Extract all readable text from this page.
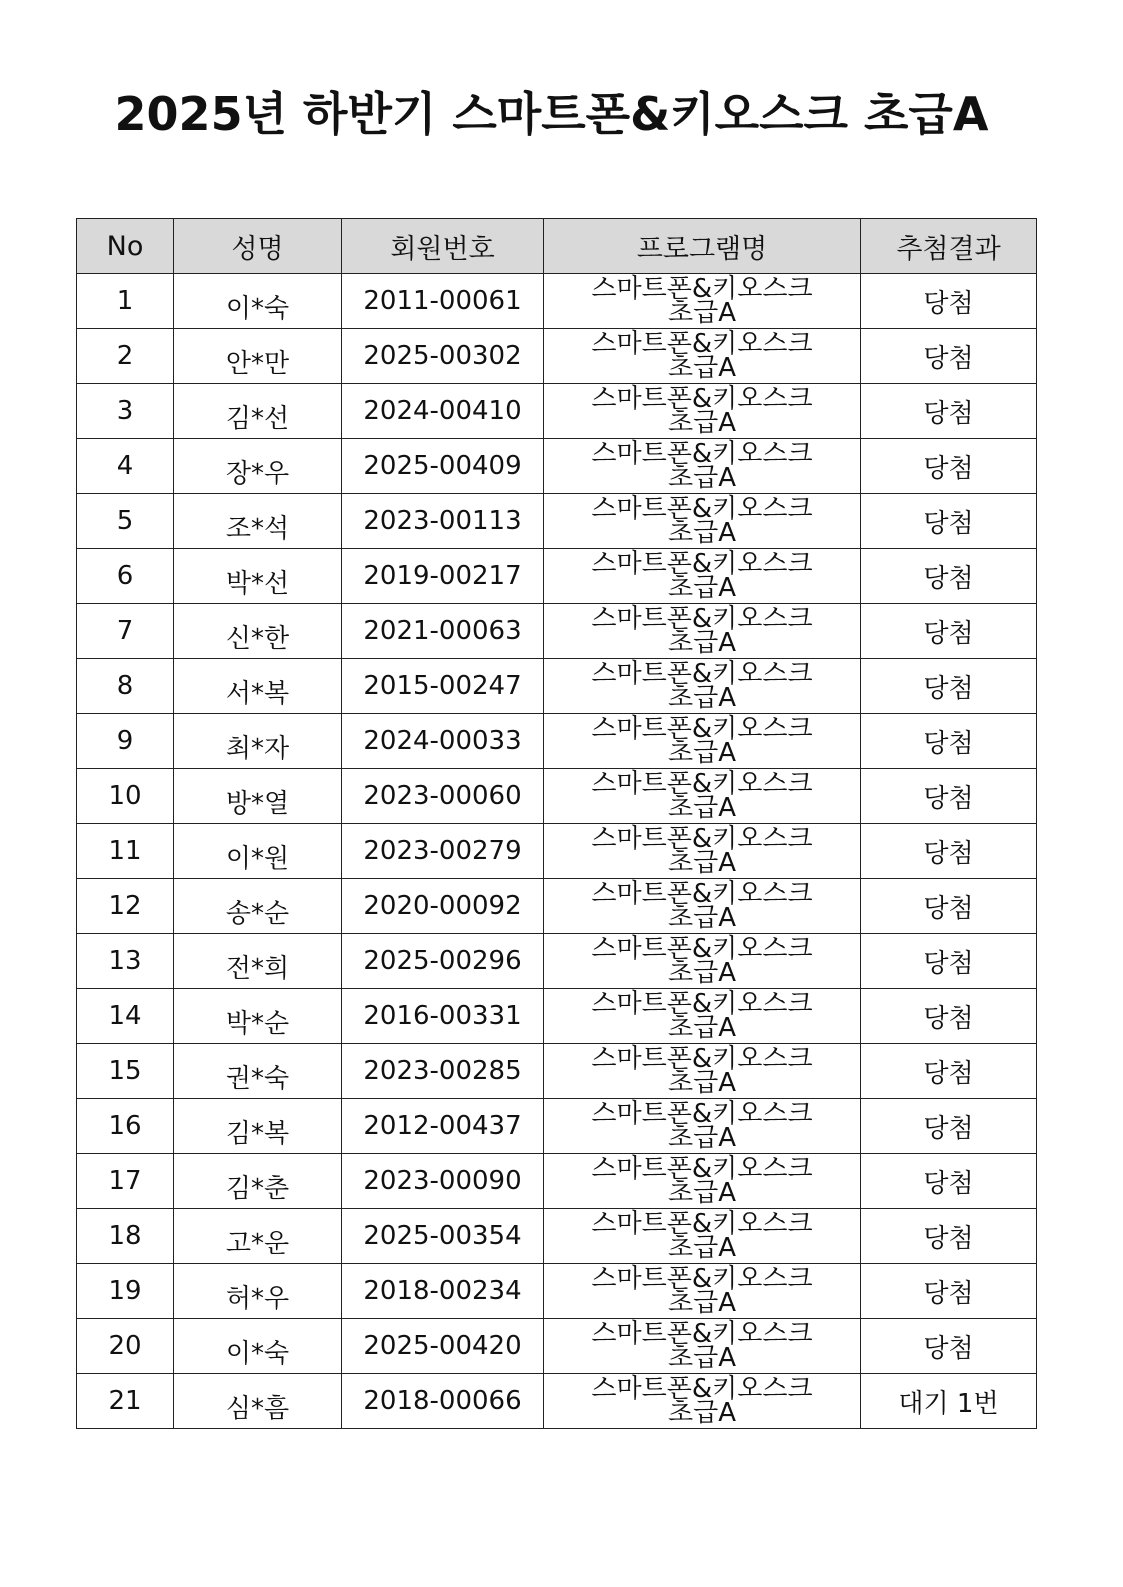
2025년 하반기 스마트폰&키오스크 초급A
No	성명	회원번호	프로그램명	추첨결과
1	이*숙	2011-00061	스마트폰&키오스크 초급A	당첨
2	안*만	2025-00302	스마트폰&키오스크 초급A	당첨
3	김*선	2024-00410	스마트폰&키오스크 초급A	당첨
4	장*우	2025-00409	스마트폰&키오스크 초급A	당첨
5	조*석	2023-00113	스마트폰&키오스크 초급A	당첨
6	박*선	2019-00217	스마트폰&키오스크 초급A	당첨
7	신*한	2021-00063	스마트폰&키오스크 초급A	당첨
8	서*복	2015-00247	스마트폰&키오스크 초급A	당첨
9	최*자	2024-00033	스마트폰&키오스크 초급A	당첨
10	방*열	2023-00060	스마트폰&키오스크 초급A	당첨
11	이*원	2023-00279	스마트폰&키오스크 초급A	당첨
12	송*순	2020-00092	스마트폰&키오스크 초급A	당첨
13	전*희	2025-00296	스마트폰&키오스크 초급A	당첨
14	박*순	2016-00331	스마트폰&키오스크 초급A	당첨
15	권*숙	2023-00285	스마트폰&키오스크 초급A	당첨
16	김*복	2012-00437	스마트폰&키오스크 초급A	당첨
17	김*춘	2023-00090	스마트폰&키오스크 초급A	당첨
18	고*운	2025-00354	스마트폰&키오스크 초급A	당첨
19	허*우	2018-00234	스마트폰&키오스크 초급A	당첨
20	이*숙	2025-00420	스마트폰&키오스크 초급A	당첨
21	심*흠	2018-00066	스마트폰&키오스크 초급A	대기 1번
